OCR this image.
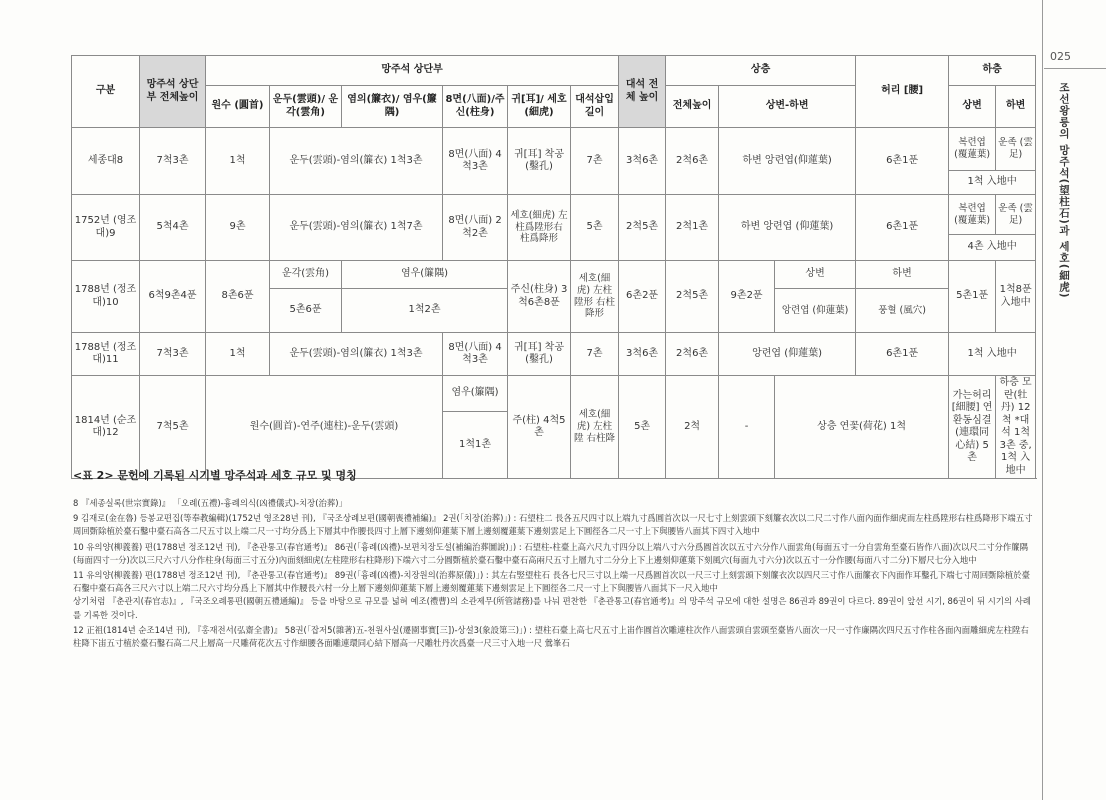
025
조선왕릉의 망주석(望柱石)과 세호(細虎)
구분	망주석 상단부 전체높이	망주석 상단부						대석 전체 높이	상층			허리 [腰]	하층	
		원수 (圓首)	운두(雲頭)/ 운각(雲角)	염의(簾衣)/ 염우(簾隅)	8면(八面)/주 신(柱身)	귀[耳]/ 세호(細虎)	대석삽입 길이		전체높이	상변-하변			상변	하변
세종대8	7척3촌	1척	운두(雲頭)-염의(簾衣) 1척3촌		8면(八面) 4척3촌	귀[耳] 착공(鑿孔)	7촌	3척6촌	2척6촌	하변 앙련엽(仰蓮葉)		6촌1푼	복련엽 (覆蓮葉)	운족 (雲足)
													1척 入地中	
1752년 (영조대)9	5척4촌	9촌	운두(雲頭)-염의(簾衣) 1척7촌		8면(八面) 2척2촌	세호(細虎) 左柱爲陞形右 柱爲降形	5촌	2척5촌	2척1촌	하변 앙련엽 (仰蓮葉)		6촌1푼	복련엽 (覆蓮葉)	운족 (雲足)
													4촌 入地中	
1788년 (정조대)10	6척9촌4푼	8촌6푼	운각(雲角)	염우(簾隅)		주신(柱身) 3척6촌8푼	세호(細虎) 左柱陞形 右柱降形	6촌2푼	2척5촌	9촌2푼	상변	하변	5촌1푼	1척8푼 入地中
			5촌6푼	1척2촌							앙련엽 (仰蓮葉)	풍혈 (風穴)		
1788년 (정조대)11	7척3촌	1척	운두(雲頭)-염의(簾衣) 1척3촌		8면(八面) 4척3촌	귀[耳] 착공(鑿孔)	7촌	3척6촌	2척6촌	앙련엽 (仰蓮葉)		6촌1푼	1척 入地中	
1814년 (순조대)12	7척5촌	원수(圓首)-연주(連柱)-운두(雲頭)			염우(簾隅)	주(柱) 4척5촌	세호(細虎) 左柱陞 右柱降	5촌	2척	-	상층 연꽃(荷花) 1척		가는허리 [細腰] 연환동심결 (連環同心結) 5촌	하층 모란(牡丹) 12척 *대석 1척3촌 중, 1척 入地中
					1척1촌									
<표 2> 문헌에 기록된 시기별 망주석과 세호 규모 및 명칭

8 『세종실록(世宗實錄)』 「오례(五禮)-흉례의식(凶禮儀式)-치장(治葬)」

9 김재로(金在魯) 등봉교편집(等奉教編輯)(1752년 영조28년 刊), 『국조상례보편(國朝喪禮補編)』 2권(「치장(治葬)」) : 石望柱二 長各五尺四寸以上端九寸爲圓首次以一尺七寸上刻雲頭下刻簾衣次以二尺二寸作八面內面作細虎而左柱爲陞形右柱爲降形下端五寸周回斲除植於臺石鑿中臺石高各二尺五寸以上端二尺一寸均分爲上下層其中作腰長四寸上層下邊刻仰蓮葉下層上邊刻覆蓮葉下邊刻雲足上下圓徑各二尺一寸上下與腰皆八面其下四寸入地中

10 유의양(柳義養) 편(1788년 정조12년 刊), 『춘관통고(春官通考)』 86권(「흉례(凶禮)-보편치장도설(補編治葬圖說)」) : 石望柱-柱臺上高六尺九寸四分以上端八寸六分爲圓首次以五寸六分作八面雲角(每面五寸一分自雲角至臺石皆作八面)次以尺二寸分作簾隅(每面四寸一分)次以三尺六寸八分作柱身(每面三寸五分)內面刻細虎(左柱陞形右柱降形)下端六寸二分圓斲植於臺石鑿中臺石高兩尺五寸上層九寸二分分上下上邊刻仰蓮葉下刻風穴(每面九寸六分)次以五寸一分作腰(每面八寸二分)下層尺七分入地中

11 유의양(柳義養) 편(1788년 정조12년 刊), 『춘관통고(春官通考)』 89권(「흉례(凶禮)-치장원의(治葬原儀)」) : 其左右竪望柱石 長各七尺三寸以上端一尺爲圓首次以一尺三寸上刻雲頭下刻簾衣次以四尺三寸作八面簾衣下內面作耳鑿孔下端七寸周回斲除植於臺石鑿中臺石高各三尺六寸以上端二尺六寸均分爲上下層其中作腰長六村一分上層下邊刻仰蓮葉下層上邊刻覆蓮葉下邊刻雲足上下圓徑各二尺一寸上下與腰皆八面其下一尺入地中

상기처럼 『춘관지(春官志)』, 『국조오례통편(國朝五禮通編)』 등을 바탕으로 규모를 넓혀 예조(禮曹)의 소관제무(所管諸務)를 나눠 편찬한 『춘관통고(春官通考)』의 망주석 규모에 대한 설명은 86권과 89권이 다르다. 89권이 앞선 시기, 86권이 뒤 시기의 사례를 기록한 것이다.

12 正祖(1814년 순조14년 刊), 『홍재전서(弘齋全書)』 58권(「잡저5(雜著)五-천원사실(遷園事實[三])-상설3(象設第三)」) : 望柱石臺上高七尺五寸上峀作圓首次雕連柱次作八面雲頭自雲頭至臺皆八面次一尺一寸作廉隅次四尺五寸作柱各面內面雕細虎左柱陞右柱降下峀五寸植於臺石鑿石高二尺上層高一尺雕荷花次五寸作細腰各面雕連環同心結下層高一尺雕牡丹次爲臺一尺三寸入地一尺 鶯峯石
